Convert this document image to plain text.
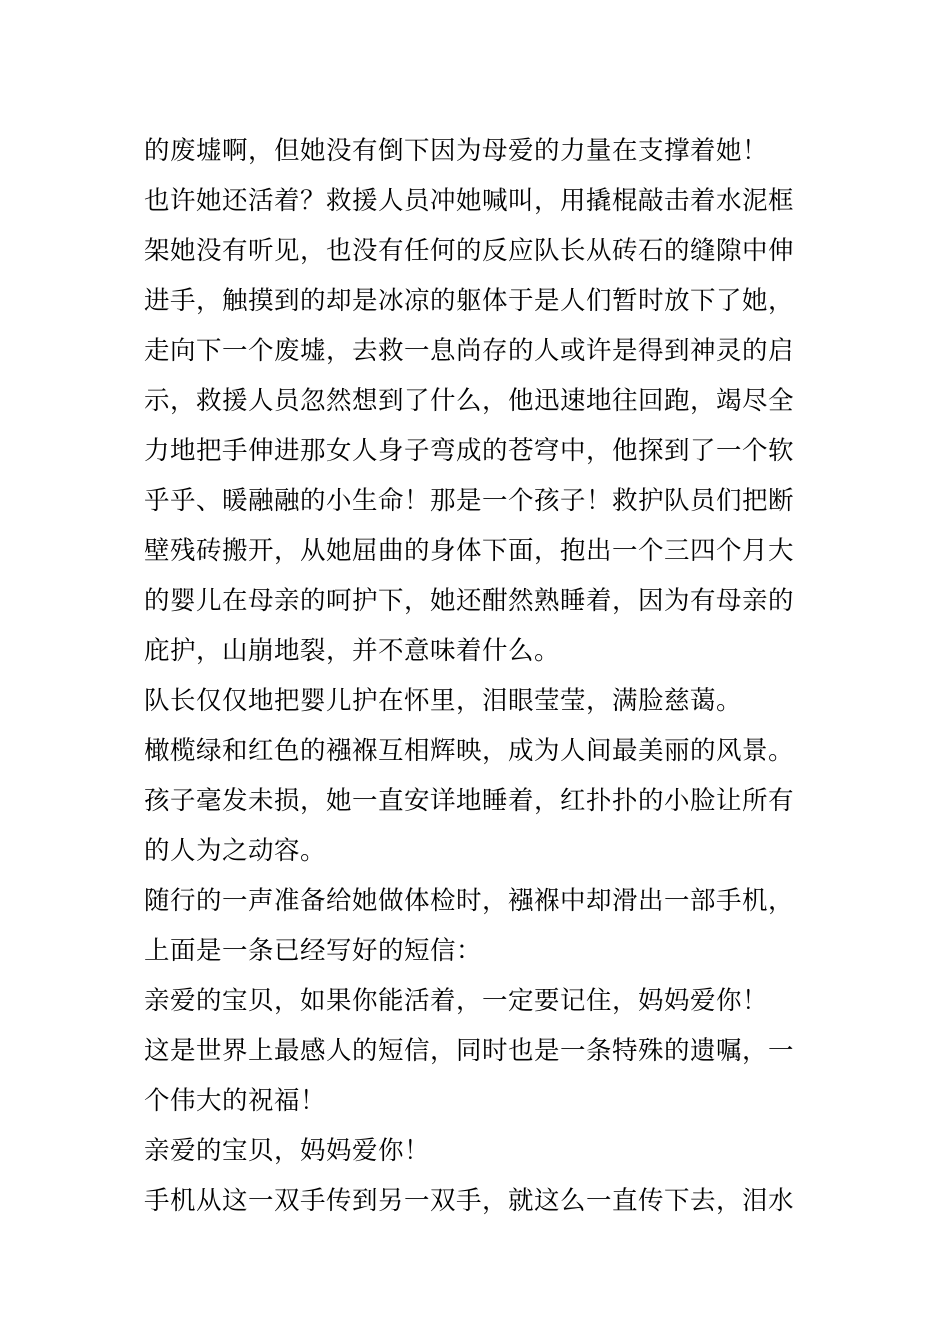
的废墟啊，但她没有倒下因为母爱的力量在支撑着她！
也许她还活着？救援人员冲她喊叫，用撬棍敲击着水泥框
架她没有听见，也没有任何的反应队长从砖石的缝隙中伸
进手，触摸到的却是冰凉的躯体于是人们暂时放下了她，
走向下一个废墟，去救一息尚存的人或许是得到神灵的启
示，救援人员忽然想到了什么，他迅速地往回跑，竭尽全
力地把手伸进那女人身子弯成的苍穹中，他探到了一个软
乎乎、暖融融的小生命！那是一个孩子！救护队员们把断
壁残砖搬开，从她屈曲的身体下面，抱出一个三四个月大
的婴儿在母亲的呵护下，她还酣然熟睡着，因为有母亲的
庇护，山崩地裂，并不意味着什么。
队长仅仅地把婴儿护在怀里，泪眼莹莹，满脸慈蔼。
橄榄绿和红色的襁褓互相辉映，成为人间最美丽的风景。
孩子毫发未损，她一直安详地睡着，红扑扑的小脸让所有
的人为之动容。
随行的一声准备给她做体检时，襁褓中却滑出一部手机，
上面是一条已经写好的短信：
亲爱的宝贝，如果你能活着，一定要记住，妈妈爱你！
这是世界上最感人的短信，同时也是一条特殊的遗嘱，一
个伟大的祝福！
亲爱的宝贝，妈妈爱你！
手机从这一双手传到另一双手，就这么一直传下去，泪水
